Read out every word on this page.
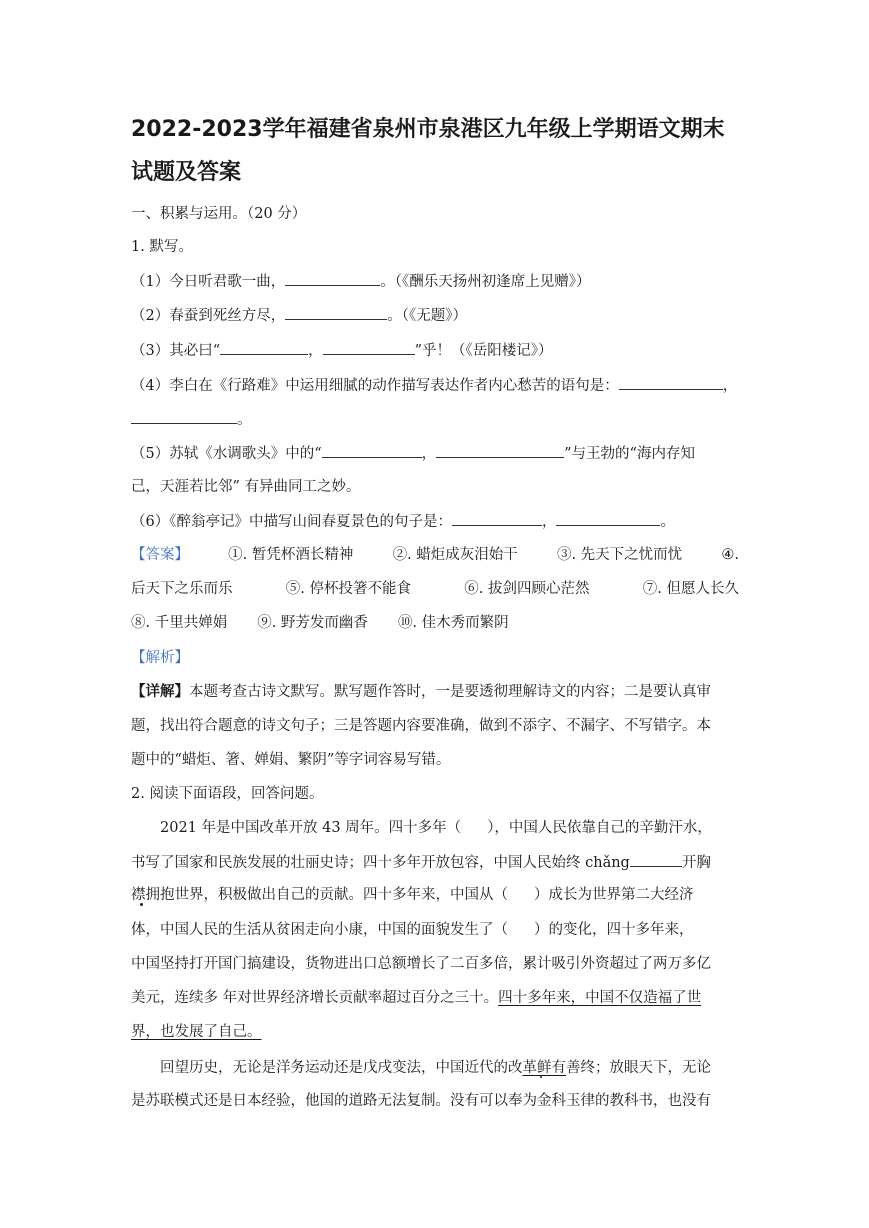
2022-2023学年福建省泉州市泉港区九年级上学期语文期末
试题及答案
一、积累与运用。（20 分）
1. 默写。
（1）今日听君歌一曲，	。（《酬乐天扬州初逢席上见赠》）
（2）春蚕到死丝方尽，	。（《无题》）
（3）其必曰“	，	”乎！（《岳阳楼记》）
（4）李白在《行路难》中运用细腻的动作描写表达作者内心愁苦的语句是：	，
。
（5）苏轼《水调歌头》中的“	，	”与王勃的“海内存知
己，天涯若比邻” 有异曲同工之妙。
（6）《醉翁亭记》中描写山间春夏景色的句子是：	，	。
【答案】	①. 暂凭杯酒长精神	②. 蜡炬成灰泪始干	③. 先天下之忧而忧	④.
后天下之乐而乐	⑤. 停杯投箸不能食	⑥. 拔剑四顾心茫然	⑦. 但愿人长久
⑧. 千里共婵娟 ⑨. 野芳发而幽香 ⑩. 佳木秀而繁阴
【解析】
【详解】本题考查古诗文默写。默写题作答时，一是要透彻理解诗文的内容；二是要认真审
题，找出符合题意的诗文句子；三是答题内容要准确，做到不添字、不漏字、不写错字。本
题中的“蜡炬、箸、婵娟、繁阴”等字词容易写错。
2. 阅读下面语段，回答问题。
2021 年是中国改革开放 43 周年。四十多年（ ），中国人民依靠自己的辛勤汗水，
书写了国家和民族发展的壮丽史诗；四十多年开放包容，中国人民始终 chǎng	开胸
襟拥抱世界，积极做出自己的贡献。四十多年来，中国从（ ）成长为世界第二大经济
体，中国人民的生活从贫困走向小康，中国的面貌发生了（ ）的变化，四十多年来，
中国坚持打开国门搞建设，货物进出口总额增长了二百多倍，累计吸引外资超过了两万多亿
美元，连续多 年对世界经济增长贡献率超过百分之三十。四十多年来，中国不仅造福了世
界，也发展了自己。
回望历史，无论是洋务运动还是戊戌变法，中国近代的改革鲜有善终；放眼天下，无论
是苏联模式还是日本经验，他国的道路无法复制。没有可以奉为金科玉律的教科书，也没有
